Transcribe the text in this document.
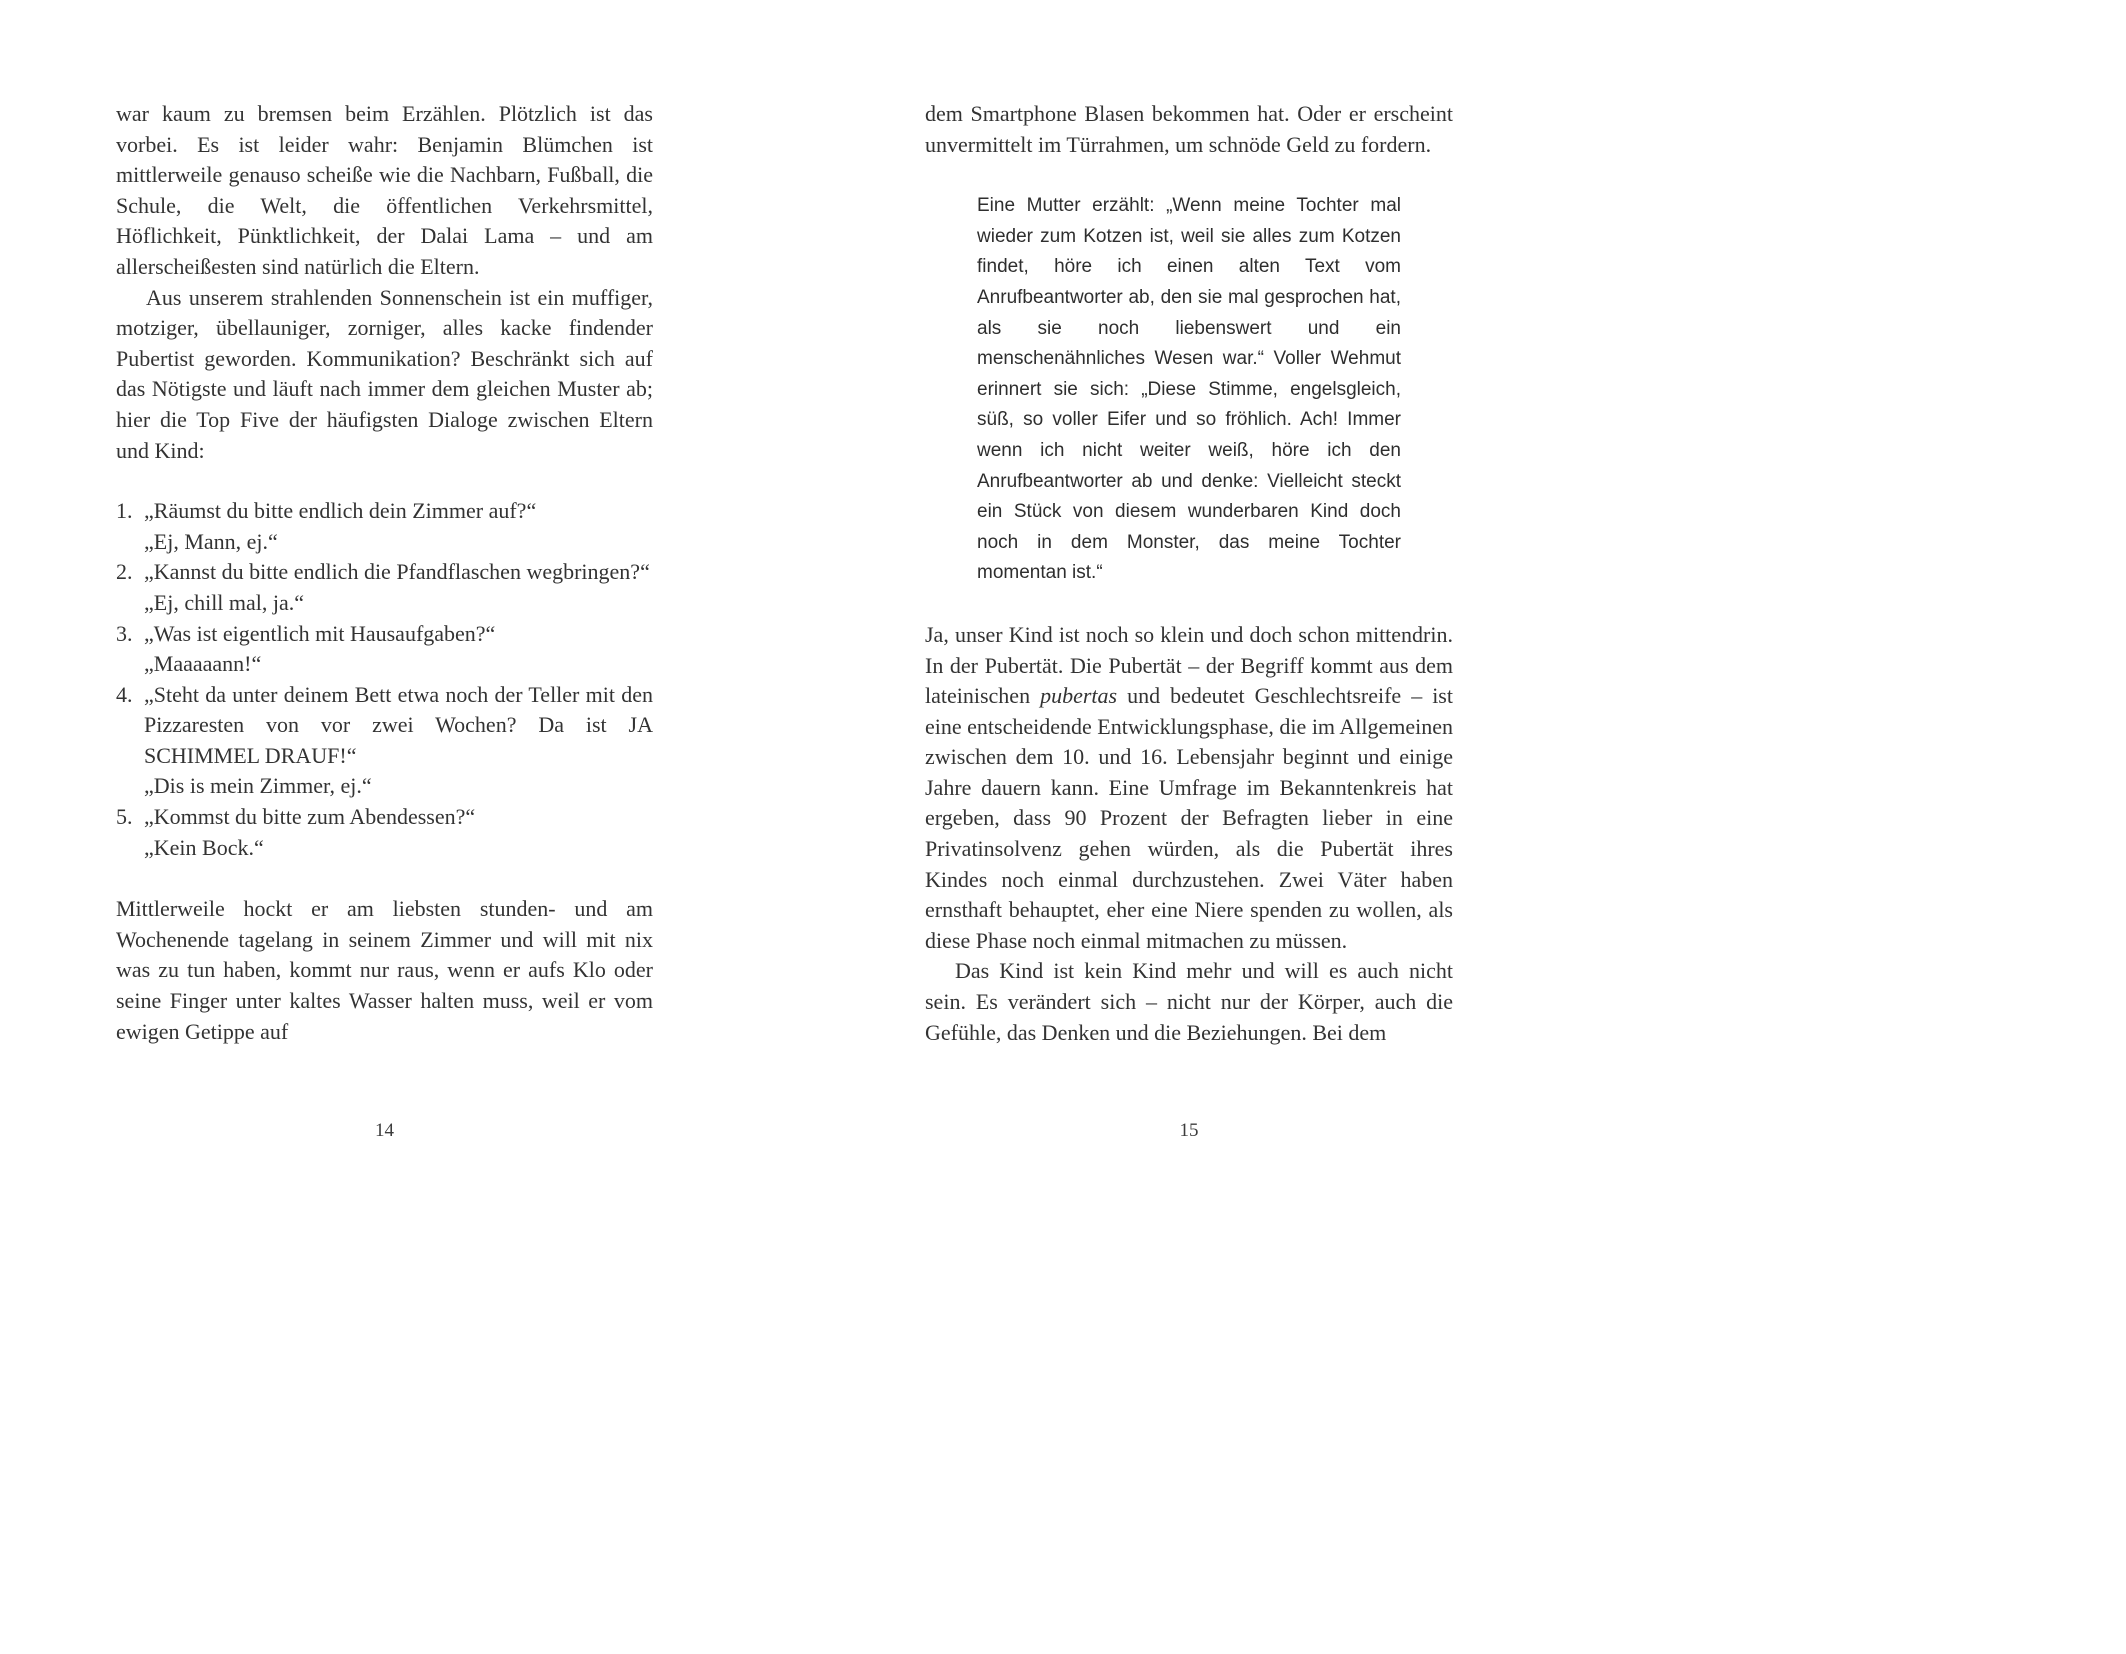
war kaum zu bremsen beim Erzählen. Plötzlich ist das vorbei. Es ist leider wahr: Benjamin Blümchen ist mittlerweile genauso scheiße wie die Nachbarn, Fußball, die Schule, die Welt, die öffentlichen Verkehrsmittel, Höflichkeit, Pünktlichkeit, der Dalai Lama – und am allerscheißesten sind natürlich die Eltern.

Aus unserem strahlenden Sonnenschein ist ein muffiger, motziger, übellauniger, zorniger, alles kacke findender Pubertist geworden. Kommunikation? Beschränkt sich auf das Nötigste und läuft nach immer dem gleichen Muster ab; hier die Top Five der häufigsten Dialoge zwischen Eltern und Kind:

1. „Räumst du bitte endlich dein Zimmer auf?“
„Ej, Mann, ej.“
2. „Kannst du bitte endlich die Pfandflaschen wegbringen?“
„Ej, chill mal, ja.“
3. „Was ist eigentlich mit Hausaufgaben?“
„Maaaaann!“
4. „Steht da unter deinem Bett etwa noch der Teller mit den Pizzaresten von vor zwei Wochen? Da ist JA SCHIMMEL DRAUF!“
„Dis is mein Zimmer, ej.“
5. „Kommst du bitte zum Abendessen?“
„Kein Bock.“

Mittlerweile hockt er am liebsten stunden- und am Wochenende tagelang in seinem Zimmer und will mit nix was zu tun haben, kommt nur raus, wenn er aufs Klo oder seine Finger unter kaltes Wasser halten muss, weil er vom ewigen Getippe auf

dem Smartphone Blasen bekommen hat. Oder er erscheint unvermittelt im Türrahmen, um schnöde Geld zu fordern.

Eine Mutter erzählt: „Wenn meine Tochter mal wieder zum Kotzen ist, weil sie alles zum Kotzen findet, höre ich einen alten Text vom Anrufbeantworter ab, den sie mal gesprochen hat, als sie noch liebenswert und ein menschenähnliches Wesen war.“ Voller Wehmut erinnert sie sich: „Diese Stimme, engelsgleich, süß, so voller Eifer und so fröhlich. Ach! Immer wenn ich nicht weiter weiß, höre ich den Anrufbeantworter ab und denke: Vielleicht steckt ein Stück von diesem wunderbaren Kind doch noch in dem Monster, das meine Tochter momentan ist.“

Ja, unser Kind ist noch so klein und doch schon mittendrin. In der Pubertät. Die Pubertät – der Begriff kommt aus dem lateinischen pubertas und bedeutet Geschlechtsreife – ist eine entscheidende Entwicklungsphase, die im Allgemeinen zwischen dem 10. und 16. Lebensjahr beginnt und einige Jahre dauern kann. Eine Umfrage im Bekanntenkreis hat ergeben, dass 90 Prozent der Befragten lieber in eine Privatinsolvenz gehen würden, als die Pubertät ihres Kindes noch einmal durchzustehen. Zwei Väter haben ernsthaft behauptet, eher eine Niere spenden zu wollen, als diese Phase noch einmal mitmachen zu müssen.

Das Kind ist kein Kind mehr und will es auch nicht sein. Es verändert sich – nicht nur der Körper, auch die Gefühle, das Denken und die Beziehungen. Bei dem

14	15
